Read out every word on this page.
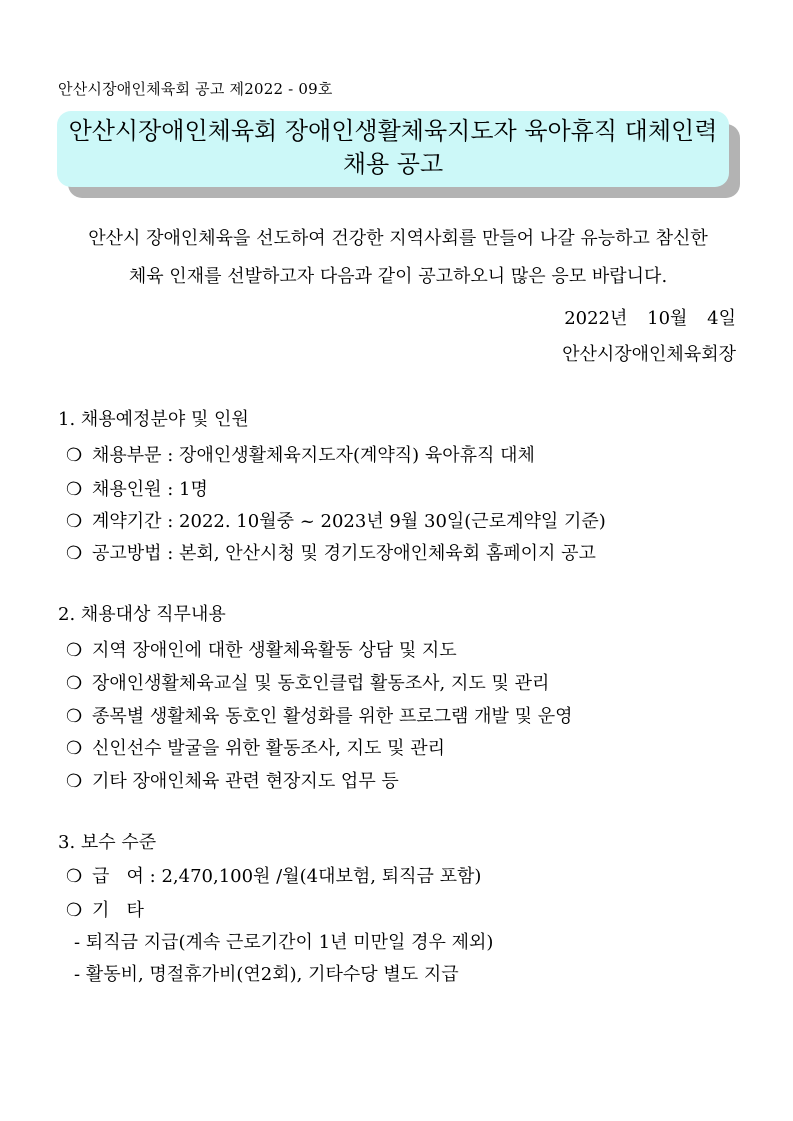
안산시장애인체육회 공고 제2022 - 09호
안산시장애인체육회 장애인생활체육지도자 육아휴직 대체인력
채용 공고
안산시 장애인체육을 선도하여 건강한 지역사회를 만들어 나갈 유능하고 참신한
체육 인재를 선발하고자 다음과 같이 공고하오니 많은 응모 바랍니다.
2022년 10월 4일
안산시장애인체육회장
1. 채용예정분야 및 인원
❍ 채용부문 : 장애인생활체육지도자(계약직) 육아휴직 대체
❍ 채용인원 : 1명
❍ 계약기간 : 2022. 10월중 ~ 2023년 9월 30일(근로계약일 기준)
❍ 공고방법 : 본회, 안산시청 및 경기도장애인체육회 홈페이지 공고
2. 채용대상 직무내용
❍ 지역 장애인에 대한 생활체육활동 상담 및 지도
❍ 장애인생활체육교실 및 동호인클럽 활동조사, 지도 및 관리
❍ 종목별 생활체육 동호인 활성화를 위한 프로그램 개발 및 운영
❍ 신인선수 발굴을 위한 활동조사, 지도 및 관리
❍ 기타 장애인체육 관련 현장지도 업무 등
3. 보수 수준
❍ 급   여 : 2,470,100원 /월(4대보험, 퇴직금 포함)
❍ 기   타
- 퇴직금 지급(계속 근로기간이 1년 미만일 경우 제외)
- 활동비, 명절휴가비(연2회), 기타수당 별도 지급
